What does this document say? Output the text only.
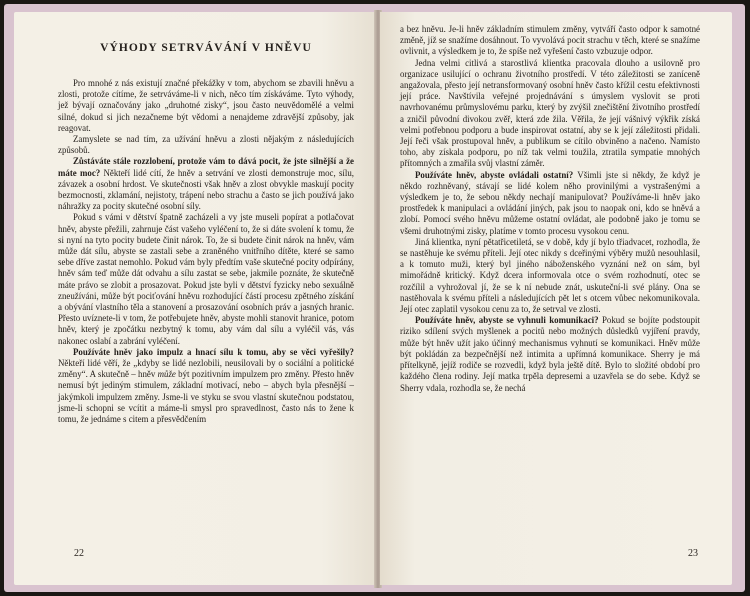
VÝHODY SETRVÁVÁNÍ V HNĚVU

Pro mnohé z nás existují značné překážky v tom, abychom se zbavili hněvu a zlosti, protože cítíme, že setrváváme-li v nich, něco tím získáváme. Tyto výhody, jež bývají označovány jako „druhotné zisky“, jsou často neuvědomělé a velmi silné, dokud si jich nezačneme být vědomi a nenajdeme zdravější způsoby, jak reagovat.

Zamyslete se nad tím, za užívání hněvu a zlosti nějakým z následujících způsobů.

Zůstáváte stále rozzlobení, protože vám to dává pocit, že jste silnější a že máte moc? Někteří lidé cítí, že hněv a setrvání ve zlosti demonstruje moc, sílu, závazek a osobní hrdost. Ve skutečnosti však hněv a zlost obvykle maskují pocity bezmocnosti, zklamání, nejistoty, trápení nebo strachu a často se jich používá jako náhražky za pocity skutečné osobní síly.

Pokud s vámi v dětství špatně zacházeli a vy jste museli popírat a potlačovat hněv, abyste přežili, zahrnuje část vašeho vyléčení to, že si dáte svolení k tomu, že si nyní na tyto pocity budete činit nárok. To, že si budete činit nárok na hněv, vám může dát sílu, abyste se zastali sebe a zraněného vnitřního dítěte, které se samo sebe dříve zastat nemohlo. Pokud vám byly předtím vaše skutečné pocity odpírány, hněv sám teď může dát odvahu a sílu zastat se sebe, jakmile poznáte, že skutečně máte právo se zlobit a prosazovat. Pokud jste byli v dětství fyzicky nebo sexuálně zneužíváni, může být pociťování hněvu rozhodující částí procesu zpětného získání a obývání vlastního těla a stanovení a prosazování osobních práv a jasných hranic. Přesto uvíznete-li v tom, že potřebujete hněv, abyste mohli stanovit hranice, potom hněv, který je zpočátku nezbytný k tomu, aby vám dal sílu a vyléčil vás, vás nakonec oslabí a zabrání vyléčení.

Používáte hněv jako impulz a hnací sílu k tomu, aby se věci vyřešily? Někteří lidé věří, že „kdyby se lidé nezlobili, neusilovali by o sociální a politické změny“. A skutečně – hněv může být pozitivním impulzem pro změny. Přesto hněv nemusí být jediným stimulem, základní motivací, nebo – abych byla přesnější – jakýmkoli impulzem změny. Jsme-li ve styku se svou vlastní skutečnou podstatou, jsme-li schopni se vcítit a máme-li smysl pro spravedlnost, často nás to žene k tomu, že jednáme s citem a přesvědčením

22

a bez hněvu. Je-li hněv základním stimulem změny, vytváří často odpor k samotné změně, jíž se snažíme dosáhnout. To vyvolává pocit strachu v těch, které se snažíme ovlivnit, a výsledkem je to, že spíše než vyřešení často vzbuzuje odpor.

Jedna velmi citlivá a starostlivá klientka pracovala dlouho a usilovně pro organizace usilující o ochranu životního prostředí. V této záležitosti se zaníceně angažovala, přesto její netransformovaný osobní hněv často křížil cestu efektivnosti její práce. Navštívila veřejné projednávání s úmyslem vyslovit se proti navrhovanému průmyslovému parku, který by zvýšil znečištění životního prostředí a zničil původní divokou zvěř, která zde žila. Věřila, že její vášnivý výkřik získá velmi potřebnou podporu a bude inspirovat ostatní, aby se k její záležitosti přidali. Její řeči však prostupoval hněv, a publikum se cítilo obviněno a načeno. Namísto toho, aby získala podporu, po níž tak velmi toužila, ztratila sympatie mnohých přítomných a zmařila svůj vlastní záměr.

Používáte hněv, abyste ovládali ostatní? Všimli jste si někdy, že když je někdo rozhněvaný, stávají se lidé kolem něho provinilými a vystrašenými a výsledkem je to, že sebou někdy nechají manipulovat? Používáme-li hněv jako prostředek k manipulaci a ovládání jiných, pak jsou to naopak oni, kdo se hněvá a zlobí. Pomocí svého hněvu můžeme ostatní ovládat, ale podobně jako je tomu se všemi druhotnými zisky, platíme v tomto procesu vysokou cenu.

Jiná klientka, nyní pětatřicetiletá, se v době, kdy jí bylo třiadvacet, rozhodla, že se nastěhuje ke svému příteli. Její otec nikdy s dceřinými výběry mužů nesouhlasil, a k tomuto muži, který byl jiného náboženského vyznání než on sám, byl mimořádně kritický. Když dcera informovala otce o svém rozhodnutí, otec se rozčílil a vyhrožoval jí, že se k ní nebude znát, uskuteční-li své plány. Ona se nastěhovala k svému příteli a následujících pět let s otcem vůbec nekomunikovala. Její otec zaplatil vysokou cenu za to, že setrval ve zlosti.

Používáte hněv, abyste se vyhnuli komunikaci? Pokud se bojíte podstoupit riziko sdílení svých myšlenek a pocitů nebo možných důsledků vyjíření pravdy, může být hněv užít jako účinný mechanismus vyhnutí se komunikaci. Hněv může být pokládán za bezpečnější než intimita a upřímná komunikace. Sherry je má přítelkyně, jejíž rodiče se rozvedli, když byla ještě dítě. Bylo to složité období pro každého člena rodiny. Její matka trpěla depresemi a uzavřela se do sebe. Když se Sherry vdala, rozhodla se, že nechá

23
